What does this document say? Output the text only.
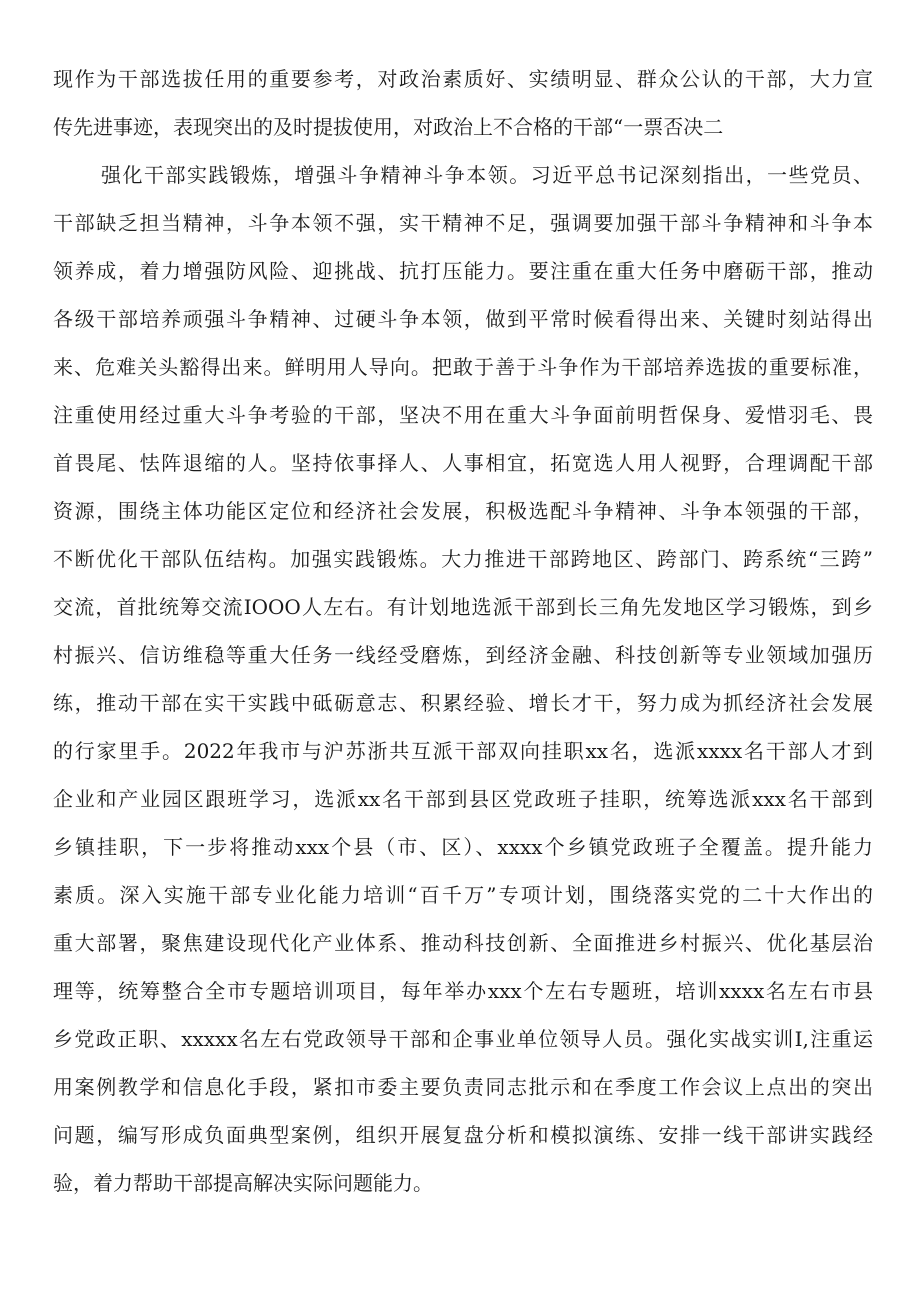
现作为干部选拔任用的重要参考，对政治素质好、实绩明显、群众公认的干部，大力宣
传先进事迹，表现突出的及时提拔使用，对政治上不合格的干部“一票否决二
强化干部实践锻炼，增强斗争精神斗争本领。习近平总书记深刻指出，一些党员、
干部缺乏担当精神，斗争本领不强，实干精神不足，强调要加强干部斗争精神和斗争本
领养成，着力增强防风险、迎挑战、抗打压能力。要注重在重大任务中磨砺干部，推动
各级干部培养顽强斗争精神、过硬斗争本领，做到平常时候看得出来、关键时刻站得出
来、危难关头豁得出来。鲜明用人导向。把敢于善于斗争作为干部培养选拔的重要标准，
注重使用经过重大斗争考验的干部，坚决不用在重大斗争面前明哲保身、爱惜羽毛、畏
首畏尾、怯阵退缩的人。坚持依事择人、人事相宜，拓宽选人用人视野，合理调配干部
资源，围绕主体功能区定位和经济社会发展，积极选配斗争精神、斗争本领强的干部，
不断优化干部队伍结构。加强实践锻炼。大力推进干部跨地区、跨部门、跨系统“三跨”
交流，首批统筹交流IOOO人左右。有计划地选派干部到长三角先发地区学习锻炼，到乡
村振兴、信访维稳等重大任务一线经受磨炼，到经济金融、科技创新等专业领域加强历
练，推动干部在实干实践中砥砺意志、积累经验、增长才干，努力成为抓经济社会发展
的行家里手。2022年我市与沪苏浙共互派干部双向挂职xx名，选派xxxx名干部人才到
企业和产业园区跟班学习，选派xx名干部到县区党政班子挂职，统筹选派xxx名干部到
乡镇挂职，下一步将推动xxx个县（市、区）、xxxx个乡镇党政班子全覆盖。提升能力
素质。深入实施干部专业化能力培训“百千万”专项计划，围绕落实党的二十大作出的
重大部署，聚焦建设现代化产业体系、推动科技创新、全面推进乡村振兴、优化基层治
理等，统筹整合全市专题培训项目，每年举办xxx个左右专题班，培训xxxx名左右市县
乡党政正职、xxxxx名左右党政领导干部和企事业单位领导人员。强化实战实训I,注重运
用案例教学和信息化手段，紧扣市委主要负责同志批示和在季度工作会议上点出的突出
问题，编写形成负面典型案例，组织开展复盘分析和模拟演练、安排一线干部讲实践经
验，着力帮助干部提高解决实际问题能力。
